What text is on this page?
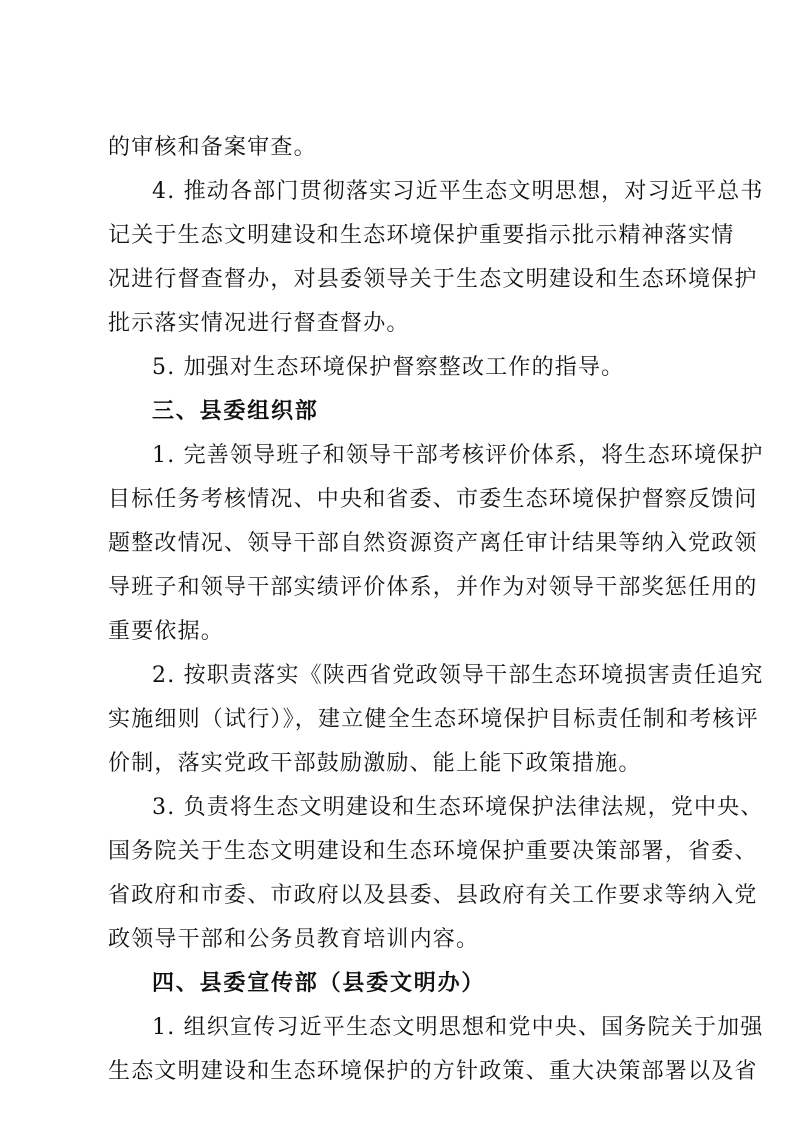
的审核和备案审查。
4. 推动各部门贯彻落实习近平生态文明思想，对习近平总书
记关于生态文明建设和生态环境保护重要指示批示精神落实情
况进行督查督办，对县委领导关于生态文明建设和生态环境保护
批示落实情况进行督查督办。
5. 加强对生态环境保护督察整改工作的指导。
三、县委组织部
1. 完善领导班子和领导干部考核评价体系，将生态环境保护
目标任务考核情况、中央和省委、市委生态环境保护督察反馈问
题整改情况、领导干部自然资源资产离任审计结果等纳入党政领
导班子和领导干部实绩评价体系，并作为对领导干部奖惩任用的
重要依据。
2. 按职责落实《陕西省党政领导干部生态环境损害责任追究
实施细则（试行）》，建立健全生态环境保护目标责任制和考核评
价制，落实党政干部鼓励激励、能上能下政策措施。
3. 负责将生态文明建设和生态环境保护法律法规，党中央、
国务院关于生态文明建设和生态环境保护重要决策部署，省委、
省政府和市委、市政府以及县委、县政府有关工作要求等纳入党
政领导干部和公务员教育培训内容。
四、县委宣传部（县委文明办）
1. 组织宣传习近平生态文明思想和党中央、国务院关于加强
生态文明建设和生态环境保护的方针政策、重大决策部署以及省
